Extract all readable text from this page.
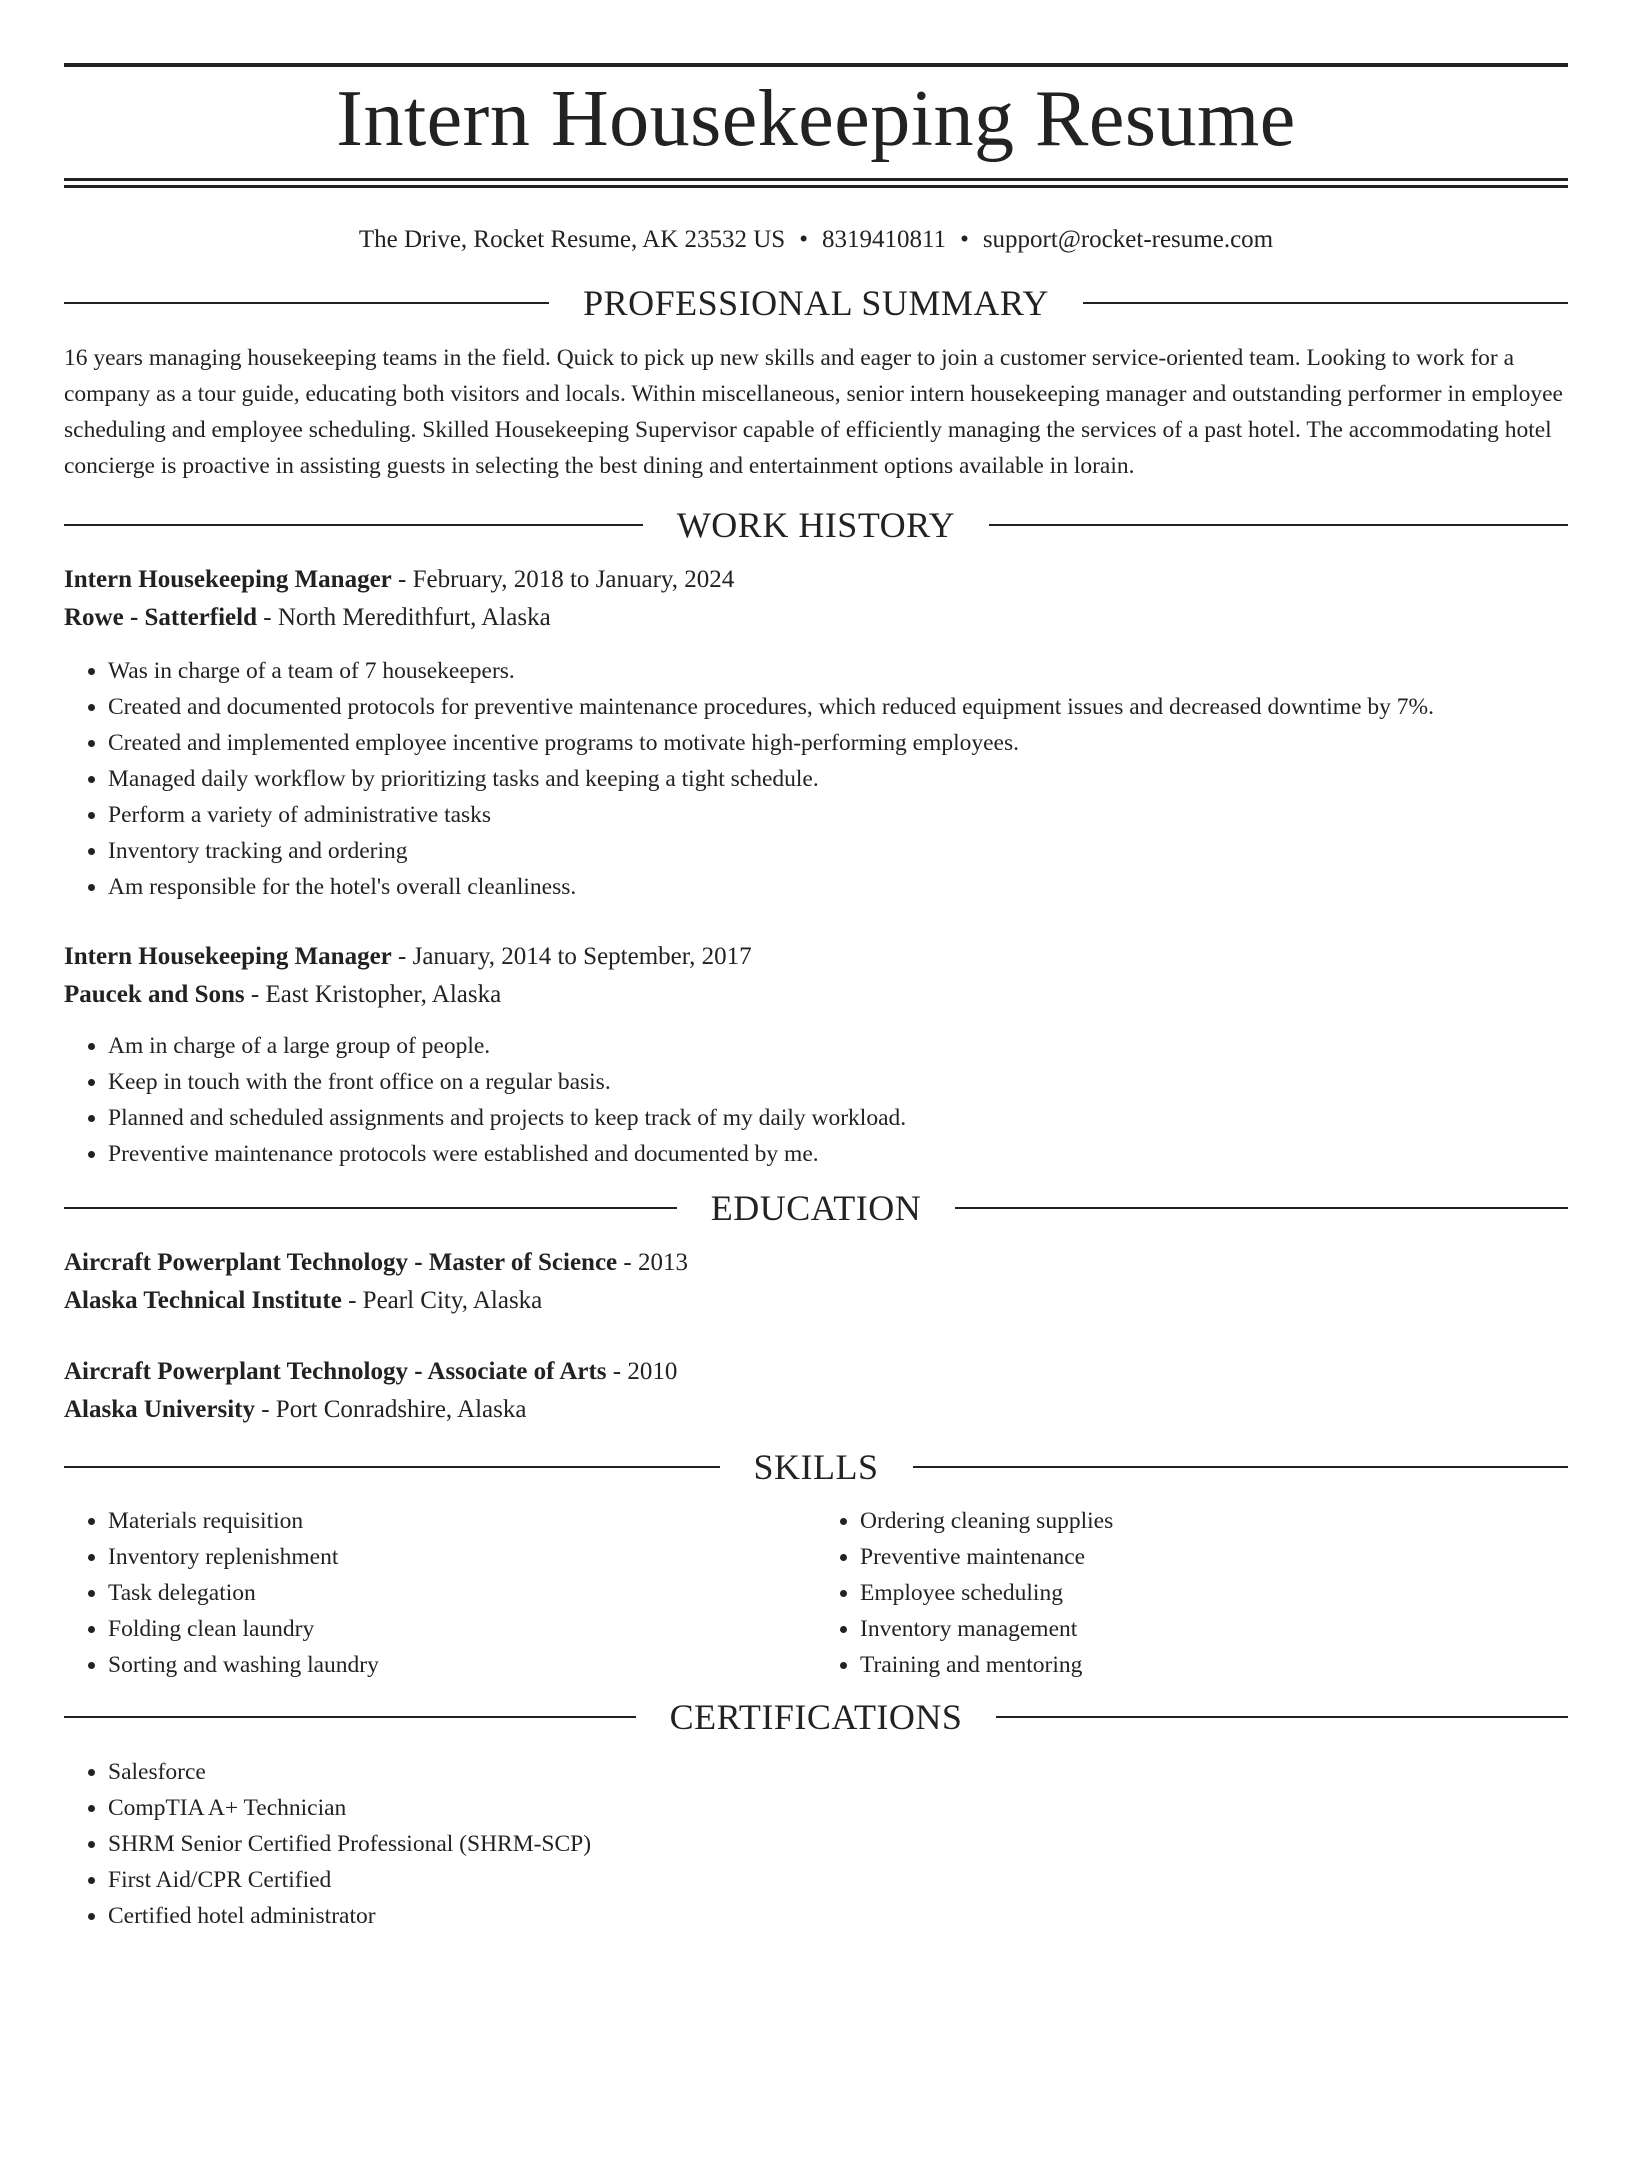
Intern Housekeeping Resume
The Drive, Rocket Resume, AK 23532 US • 8319410811 • support@rocket-resume.com
PROFESSIONAL SUMMARY

16 years managing housekeeping teams in the field. Quick to pick up new skills and eager to join a customer service-oriented team. Looking to work for a company as a tour guide, educating both visitors and locals. Within miscellaneous, senior intern housekeeping manager and outstanding performer in employee scheduling and employee scheduling. Skilled Housekeeping Supervisor capable of efficiently managing the services of a past hotel. The accommodating hotel concierge is proactive in assisting guests in selecting the best dining and entertainment options available in lorain.

WORK HISTORY

Intern Housekeeping Manager - February, 2018 to January, 2024

Rowe - Satterfield - North Meredithfurt, Alaska

• Was in charge of a team of 7 housekeepers.
• Created and documented protocols for preventive maintenance procedures, which reduced equipment issues and decreased downtime by 7%.
• Created and implemented employee incentive programs to motivate high-performing employees.
• Managed daily workflow by prioritizing tasks and keeping a tight schedule.
• Perform a variety of administrative tasks
• Inventory tracking and ordering
• Am responsible for the hotel's overall cleanliness.

Intern Housekeeping Manager - January, 2014 to September, 2017

Paucek and Sons - East Kristopher, Alaska

• Am in charge of a large group of people.
• Keep in touch with the front office on a regular basis.
• Planned and scheduled assignments and projects to keep track of my daily workload.
• Preventive maintenance protocols were established and documented by me.
EDUCATION

Aircraft Powerplant Technology - Master of Science - 2013

Alaska Technical Institute - Pearl City, Alaska

Aircraft Powerplant Technology - Associate of Arts - 2010

Alaska University - Port Conradshire, Alaska

SKILLS
• Materials requisition
• Inventory replenishment
• Task delegation
• Folding clean laundry
• Sorting and washing laundry
• Ordering cleaning supplies
• Preventive maintenance
• Employee scheduling
• Inventory management
• Training and mentoring
CERTIFICATIONS
• Salesforce
• CompTIA A+ Technician
• SHRM Senior Certified Professional (SHRM-SCP)
• First Aid/CPR Certified
• Certified hotel administrator
